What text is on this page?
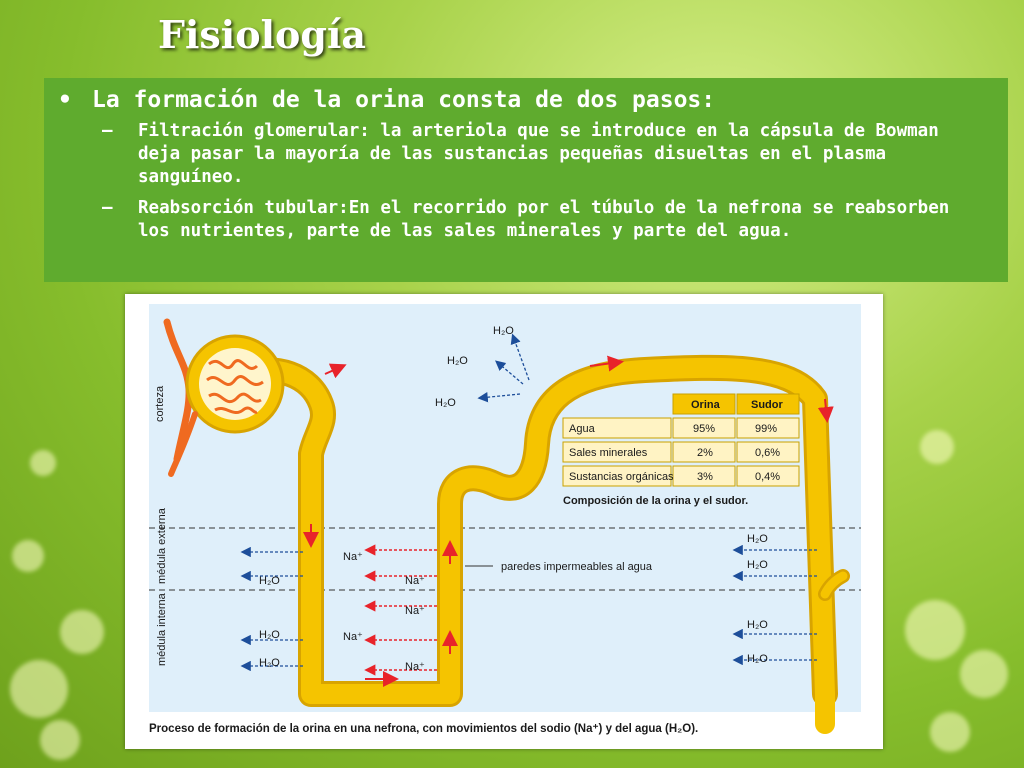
Fisiología
• La formación de la orina consta de dos pasos:
–	Filtración glomerular: la arteriola que se introduce en la cápsula de Bowman deja pasar la mayoría de las sustancias pequeñas disueltas en el plasma sanguíneo.
–	Reabsorción tubular:En el recorrido por el túbulo de la nefrona se reabsorben los nutrientes, parte de las sales minerales y parte del agua.
corteza
médula externa
médula interna
H₂O
H₂O
H₂O
H₂O
H₂O
H₂O
H₂O
H₂O
H₂O
H₂O
Na⁺
Na⁺
Na⁺
Na⁺
Na⁺
paredes impermeables al agua
Orina	Sudor
Agua	95%	99%
Sales minerales	2%	0,6%
Sustancias orgánicas 3%	0,4%
Composición de la orina y el sudor.
Proceso de formación de la orina en una nefrona, con movimientos del sodio (Na⁺) y del agua (H₂O).
